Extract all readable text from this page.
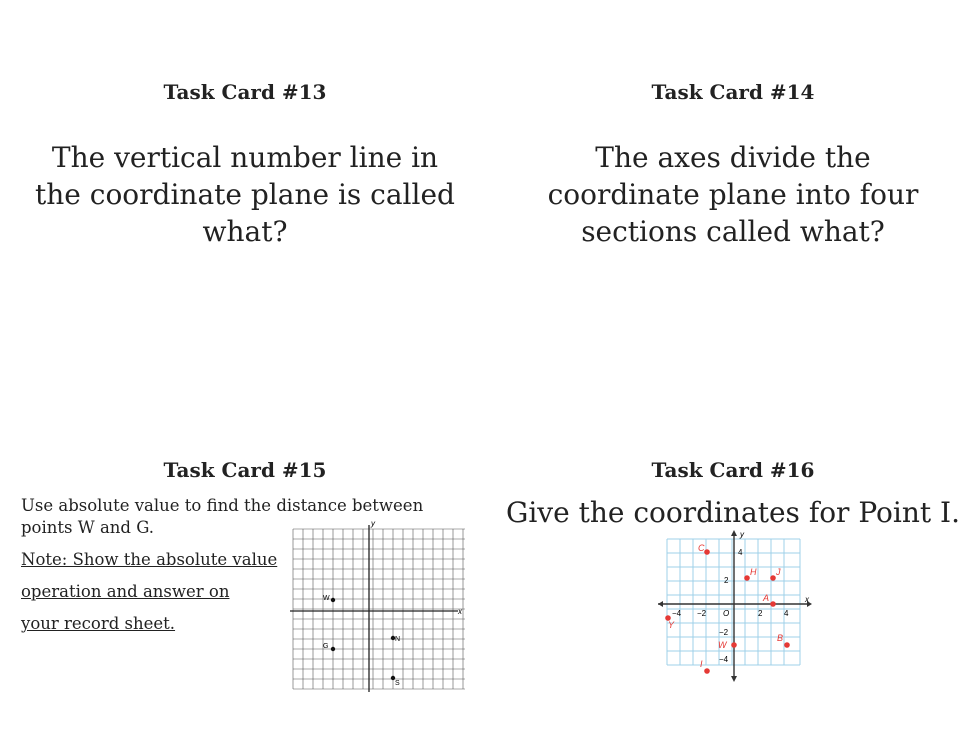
Task Card #13
The vertical number line in the coordinate plane is called what?
Task Card #14
The axes divide the coordinate plane into four sections called what?
Task Card #15
Use absolute value to find the distance between points W and G.
Note: Show the absolute value
operation and answer on
your record sheet.
x
y
W
G
N
S
Task Card #16
Give the coordinates for Point I.
x
y
−4 −2 O	2	4
4
2
−2
−4
C
H J
A
Y
W
B
I
